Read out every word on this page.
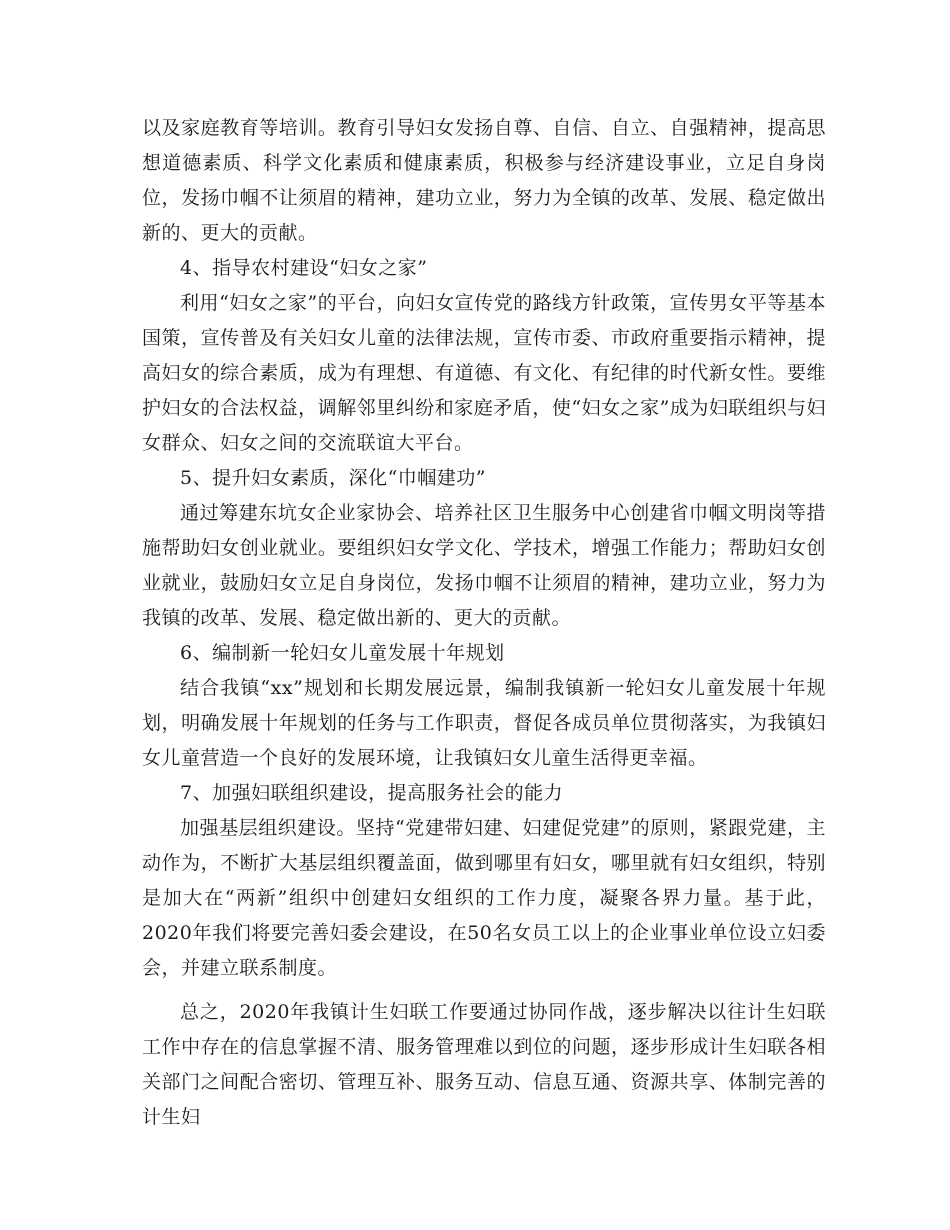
以及家庭教育等培训。教育引导妇女发扬自尊、自信、自立、自强精神，提高思想道德素质、科学文化素质和健康素质，积极参与经济建设事业，立足自身岗位，发扬巾帼不让须眉的精神，建功立业，努力为全镇的改革、发展、稳定做出新的、更大的贡献。

4、指导农村建设“妇女之家”

利用“妇女之家”的平台，向妇女宣传党的路线方针政策，宣传男女平等基本国策，宣传普及有关妇女儿童的法律法规，宣传市委、市政府重要指示精神，提高妇女的综合素质，成为有理想、有道德、有文化、有纪律的时代新女性。要维护妇女的合法权益，调解邻里纠纷和家庭矛盾，使“妇女之家”成为妇联组织与妇女群众、妇女之间的交流联谊大平台。

5、提升妇女素质，深化“巾帼建功”

通过筹建东坑女企业家协会、培养社区卫生服务中心创建省巾帼文明岗等措施帮助妇女创业就业。要组织妇女学文化、学技术，增强工作能力；帮助妇女创业就业，鼓励妇女立足自身岗位，发扬巾帼不让须眉的精神，建功立业，努力为我镇的改革、发展、稳定做出新的、更大的贡献。

6、编制新一轮妇女儿童发展十年规划

结合我镇“xx”规划和长期发展远景，编制我镇新一轮妇女儿童发展十年规划，明确发展十年规划的任务与工作职责，督促各成员单位贯彻落实，为我镇妇女儿童营造一个良好的发展环境，让我镇妇女儿童生活得更幸福。

7、加强妇联组织建设，提高服务社会的能力

加强基层组织建设。坚持“党建带妇建、妇建促党建”的原则，紧跟党建，主动作为，不断扩大基层组织覆盖面，做到哪里有妇女，哪里就有妇女组织，特别是加大在“两新”组织中创建妇女组织的工作力度，凝聚各界力量。基于此，2020年我们将要完善妇委会建设，在50名女员工以上的企业事业单位设立妇委会，并建立联系制度。

总之，2020年我镇计生妇联工作要通过协同作战，逐步解决以往计生妇联工作中存在的信息掌握不清、服务管理难以到位的问题，逐步形成计生妇联各相关部门之间配合密切、管理互补、服务互动、信息互通、资源共享、体制完善的计生妇
